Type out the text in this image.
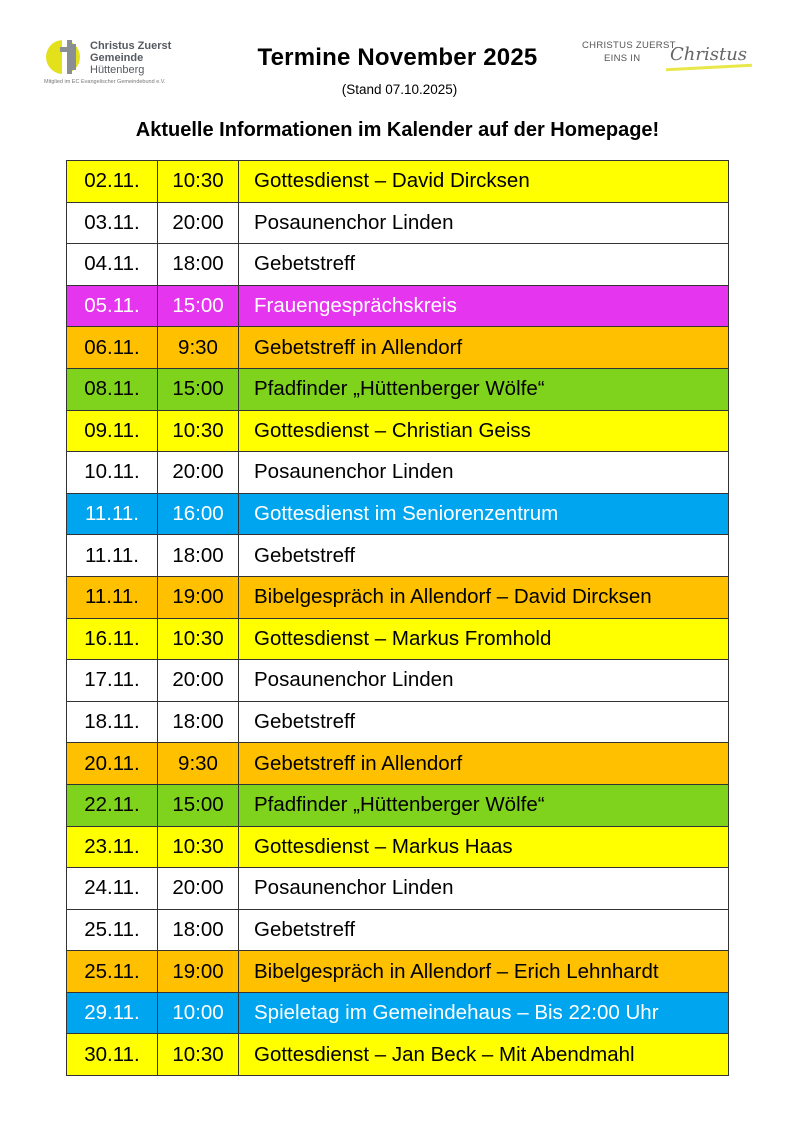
Christus Zuerst
Gemeinde
Hüttenberg
Mitglied im EC Evangelischer Gemeindebund e.V.
Termine November 2025
(Stand 07.10.2025)
Aktuelle Informationen im Kalender auf der Homepage!
CHRISTUS ZUERST.
EINS IN Christus
02.11.	10:30	Gottesdienst – David Dircksen
03.11.	20:00	Posaunenchor Linden
04.11.	18:00	Gebetstreff
05.11.	15:00	Frauengesprächskreis
06.11.	9:30	Gebetstreff in Allendorf
08.11.	15:00	Pfadfinder „Hüttenberger Wölfe“
09.11.	10:30	Gottesdienst – Christian Geiss
10.11.	20:00	Posaunenchor Linden
11.11.	16:00	Gottesdienst im Seniorenzentrum
11.11.	18:00	Gebetstreff
11.11.	19:00	Bibelgespräch in Allendorf – David Dircksen
16.11.	10:30	Gottesdienst – Markus Fromhold
17.11.	20:00	Posaunenchor Linden
18.11.	18:00	Gebetstreff
20.11.	9:30	Gebetstreff in Allendorf
22.11.	15:00	Pfadfinder „Hüttenberger Wölfe“
23.11.	10:30	Gottesdienst – Markus Haas
24.11.	20:00	Posaunenchor Linden
25.11.	18:00	Gebetstreff
25.11.	19:00	Bibelgespräch in Allendorf – Erich Lehnhardt
29.11.	10:00	Spieletag im Gemeindehaus – Bis 22:00 Uhr
30.11.	10:30	Gottesdienst – Jan Beck – Mit Abendmahl
